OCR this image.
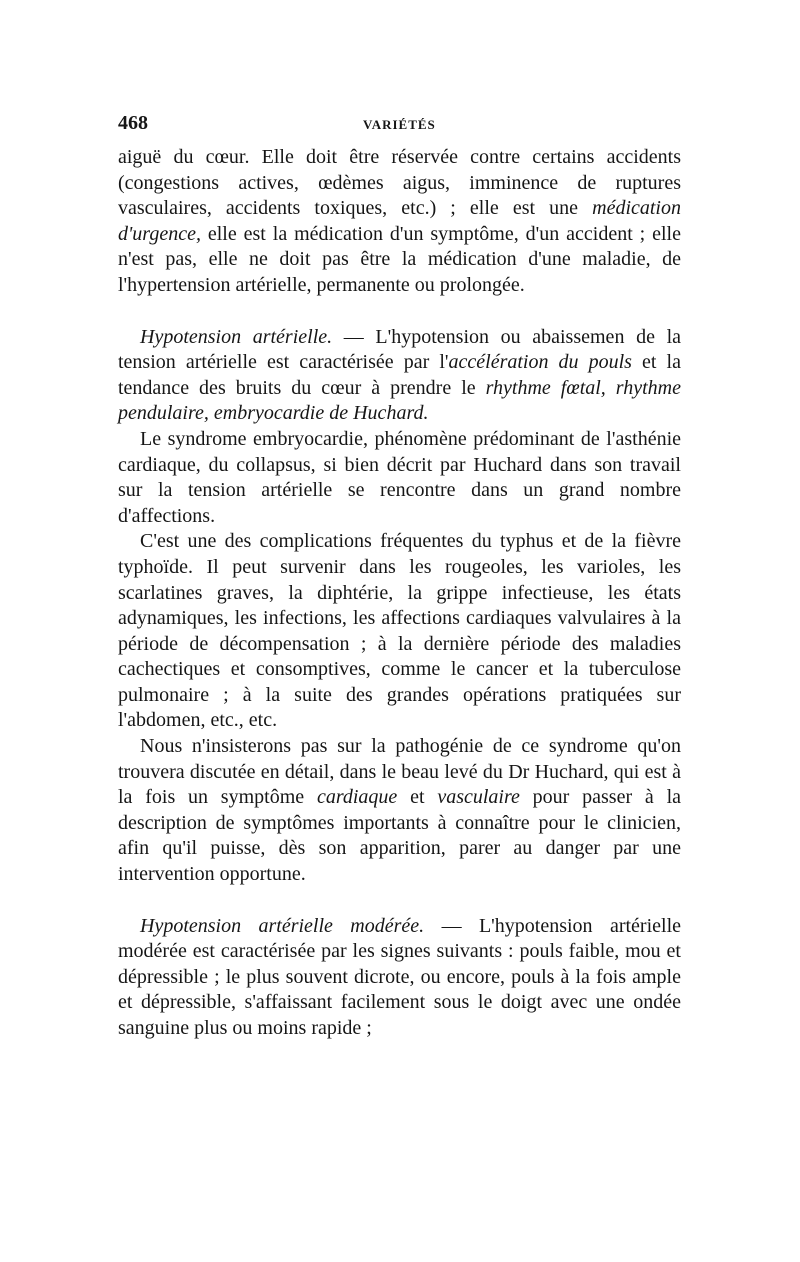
468	VARIÉTÉS

aiguë du cœur. Elle doit être réservée contre certains accidents (congestions actives, œdèmes aigus, imminence de ruptures vasculaires, accidents toxiques, etc.) ; elle est une médication d'urgence, elle est la médication d'un symptôme, d'un accident ; elle n'est pas, elle ne doit pas être la médication d'une maladie, de l'hypertension artérielle, permanente ou prolongée.

Hypotension artérielle. — L'hypotension ou abaissemen de la tension artérielle est caractérisée par l'accélération du pouls et la tendance des bruits du cœur à prendre le rhythme fœtal, rhythme pendulaire, embryocardie de Huchard.

Le syndrome embryocardie, phénomène prédominant de l'asthénie cardiaque, du collapsus, si bien décrit par Huchard dans son travail sur la tension artérielle se rencontre dans un grand nombre d'affections.

C'est une des complications fréquentes du typhus et de la fièvre typhoïde. Il peut survenir dans les rougeoles, les varioles, les scarlatines graves, la diphtérie, la grippe infectieuse, les états adynamiques, les infections, les affections cardiaques valvulaires à la période de décompensation ; à la dernière période des maladies cachectiques et consomptives, comme le cancer et la tuberculose pulmonaire ; à la suite des grandes opérations pratiquées sur l'abdomen, etc., etc.

Nous n'insisterons pas sur la pathogénie de ce syndrome qu'on trouvera discutée en détail, dans le beau levé du Dr Huchard, qui est à la fois un symptôme cardiaque et vasculaire pour passer à la description de symptômes importants à connaître pour le clinicien, afin qu'il puisse, dès son apparition, parer au danger par une intervention opportune.

Hypotension artérielle modérée. — L'hypotension artérielle modérée est caractérisée par les signes suivants : pouls faible, mou et dépressible ; le plus souvent dicrote, ou encore, pouls à la fois ample et dépressible, s'affaissant facilement sous le doigt avec une ondée sanguine plus ou moins rapide ;
